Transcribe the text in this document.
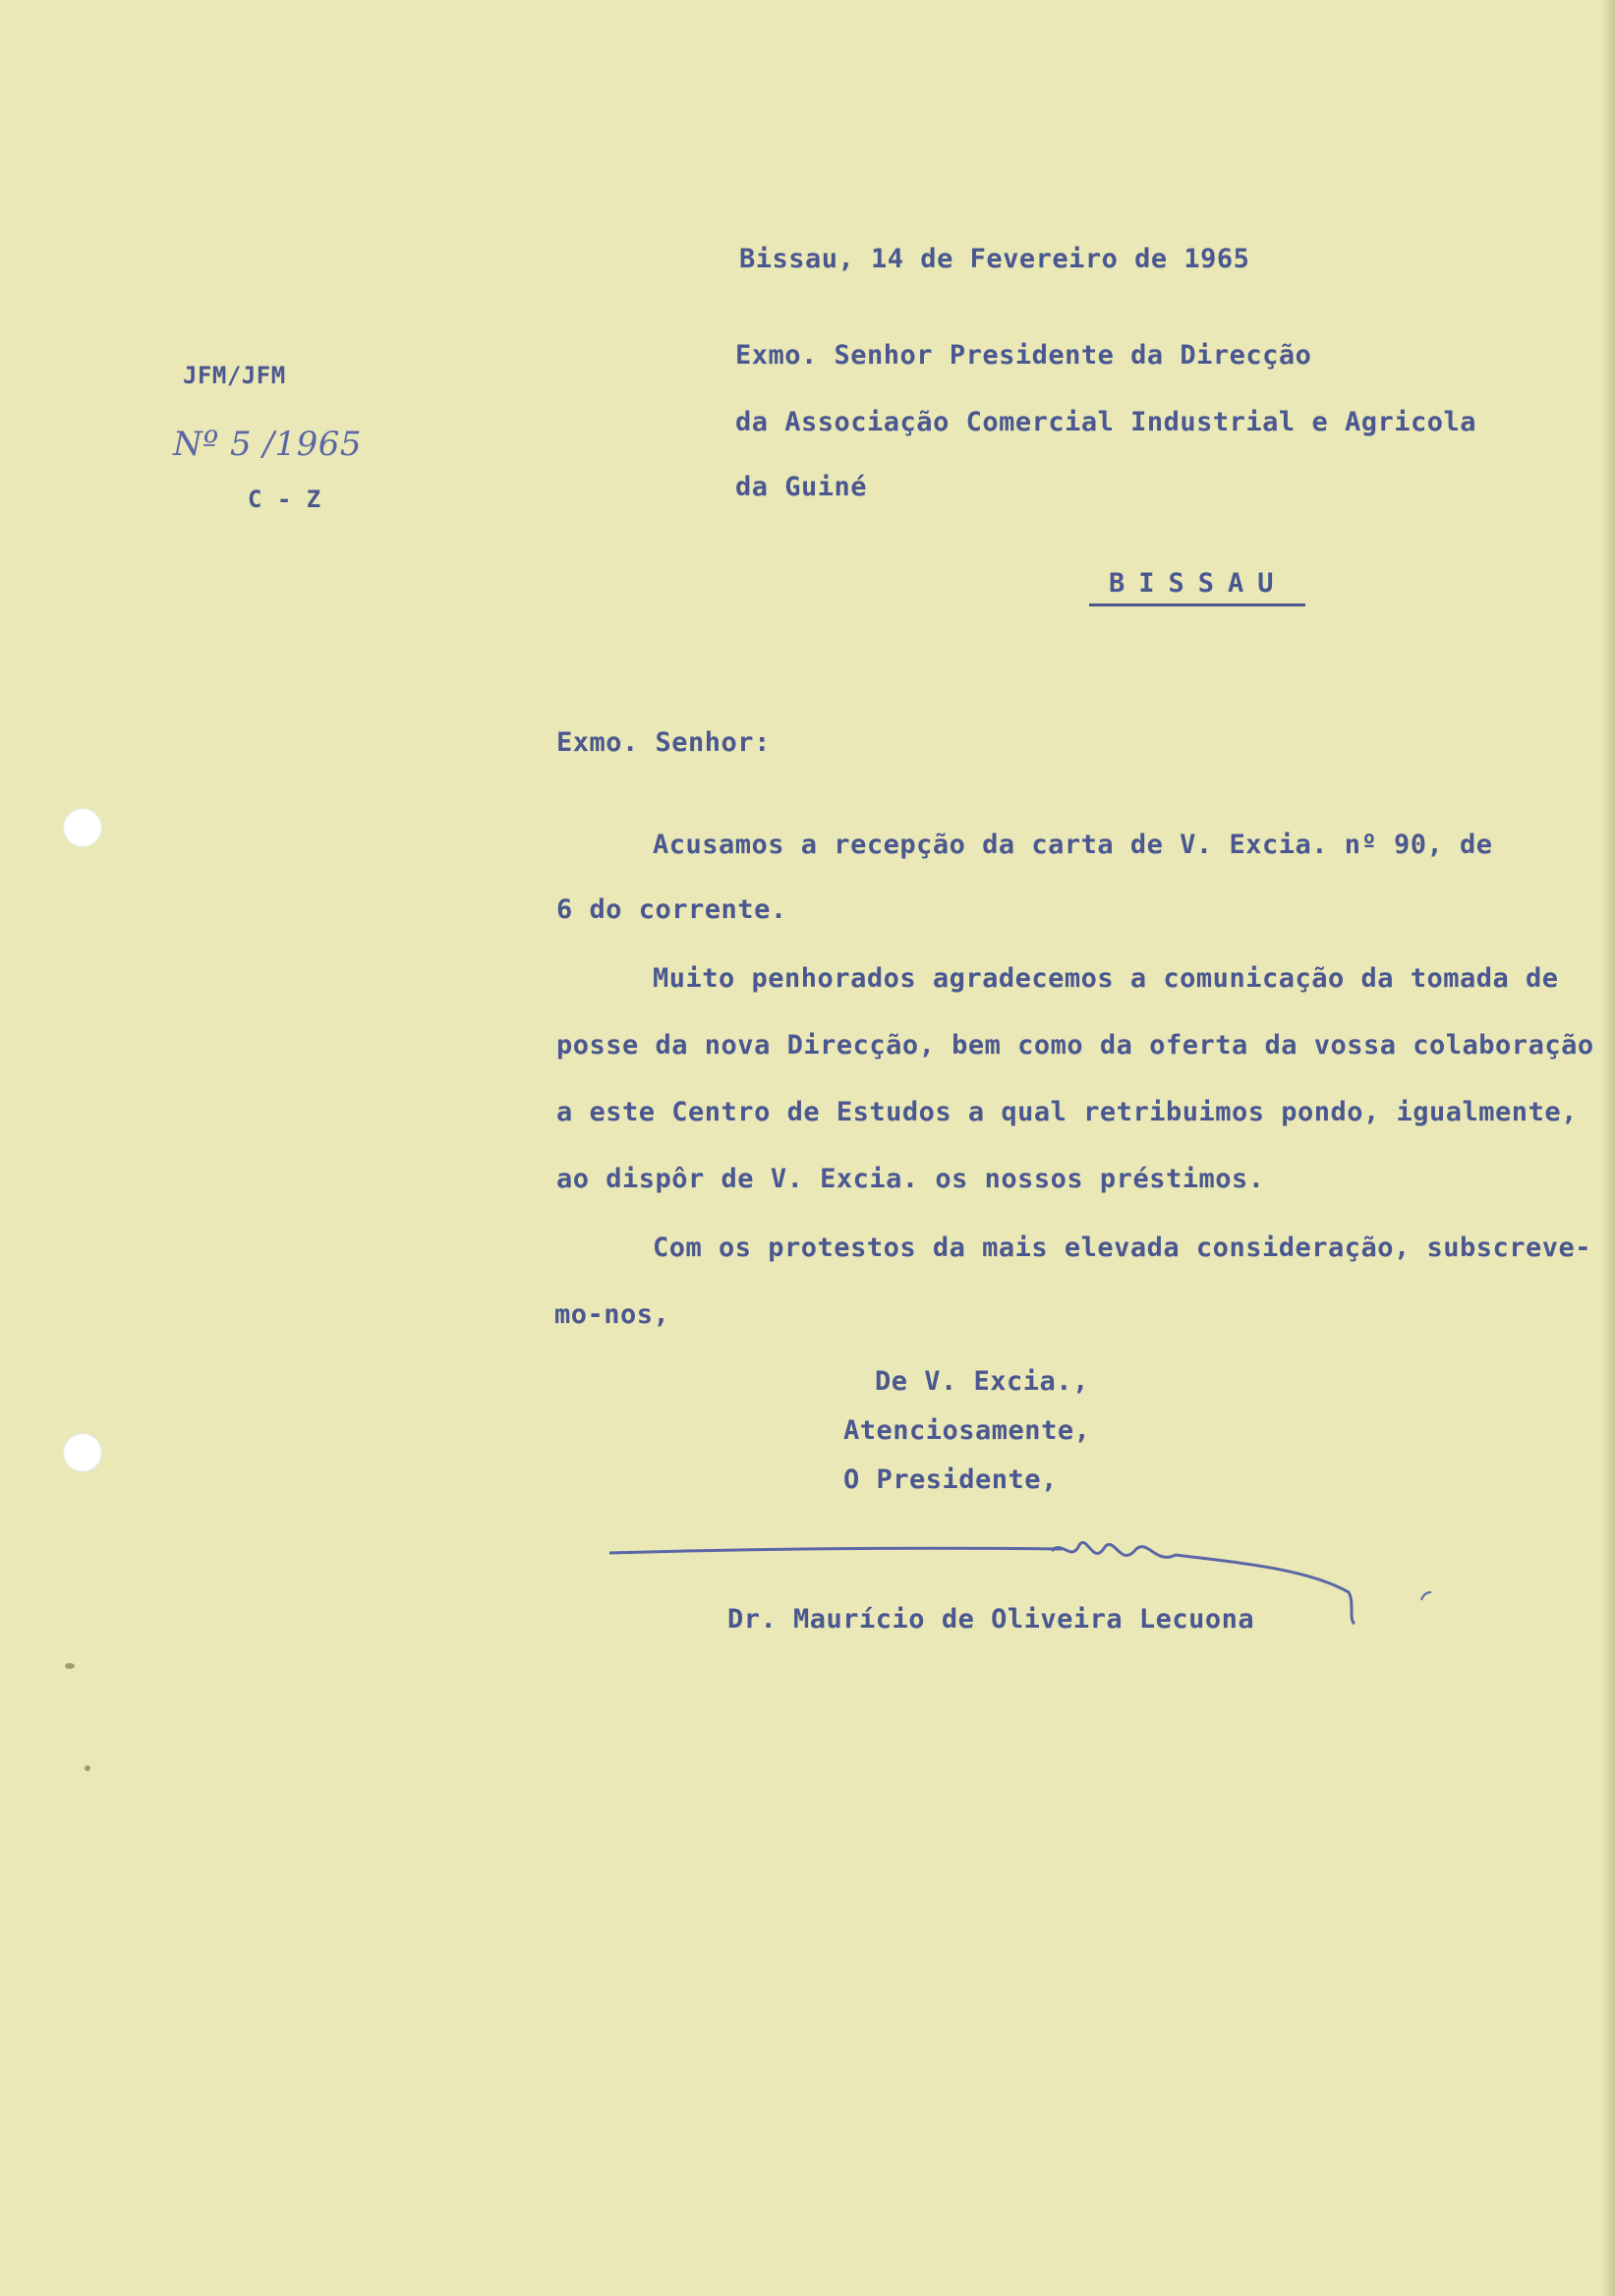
JFM/JFM
Nº 5 /1965
C - Z
Bissau, 14 de Fevereiro de 1965
Exmo. Senhor Presidente da Direcção
da Associação Comercial Industrial e Agricola
da Guiné
BISSAU
Exmo. Senhor:
Acusamos a recepção da carta de V. Excia. nº 90, de
6 do corrente.
Muito penhorados agradecemos a comunicação da tomada de
posse da nova Direcção, bem como da oferta da vossa colaboração
a este Centro de Estudos a qual retribuimos pondo, igualmente,
ao dispôr de V. Excia. os nossos préstimos.
Com os protestos da mais elevada consideração, subscreve-
mo-nos,
De V. Excia.,
Atenciosamente,
O Presidente,
Dr. Maurício de Oliveira Lecuona
